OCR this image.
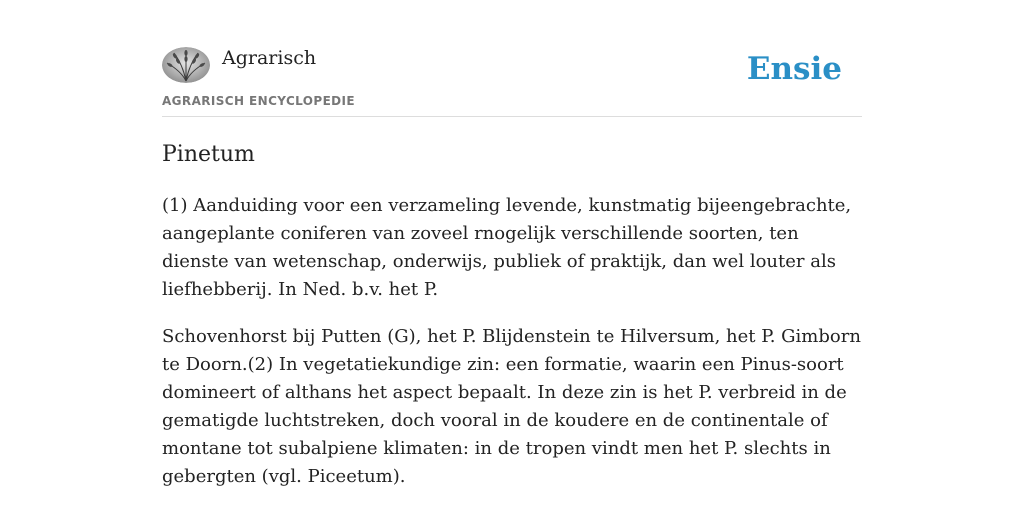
Agrarisch
AGRARISCH ENCYCLOPEDIE
Ensie
Pinetum

(1) Aanduiding voor een verzameling levende, kunstmatig bijeengebrachte, aangeplante coniferen van zoveel rnogelijk verschillende soorten, ten dienste van wetenschap, onderwijs, publiek of praktijk, dan wel louter als liefhebberij. In Ned. b.v. het P.

Schovenhorst bij Putten (G), het P. Blijdenstein te Hilversum, het P. Gimborn te Doorn.(2) In vegetatiekundige zin: een formatie, waarin een Pinus-soort domineert of althans het aspect bepaalt. In deze zin is het P. verbreid in de gematigde luchtstreken, doch vooral in de koudere en de continentale of montane tot subalpiene klimaten: in de tropen vindt men het P. slechts in gebergten (vgl. Piceetum).
